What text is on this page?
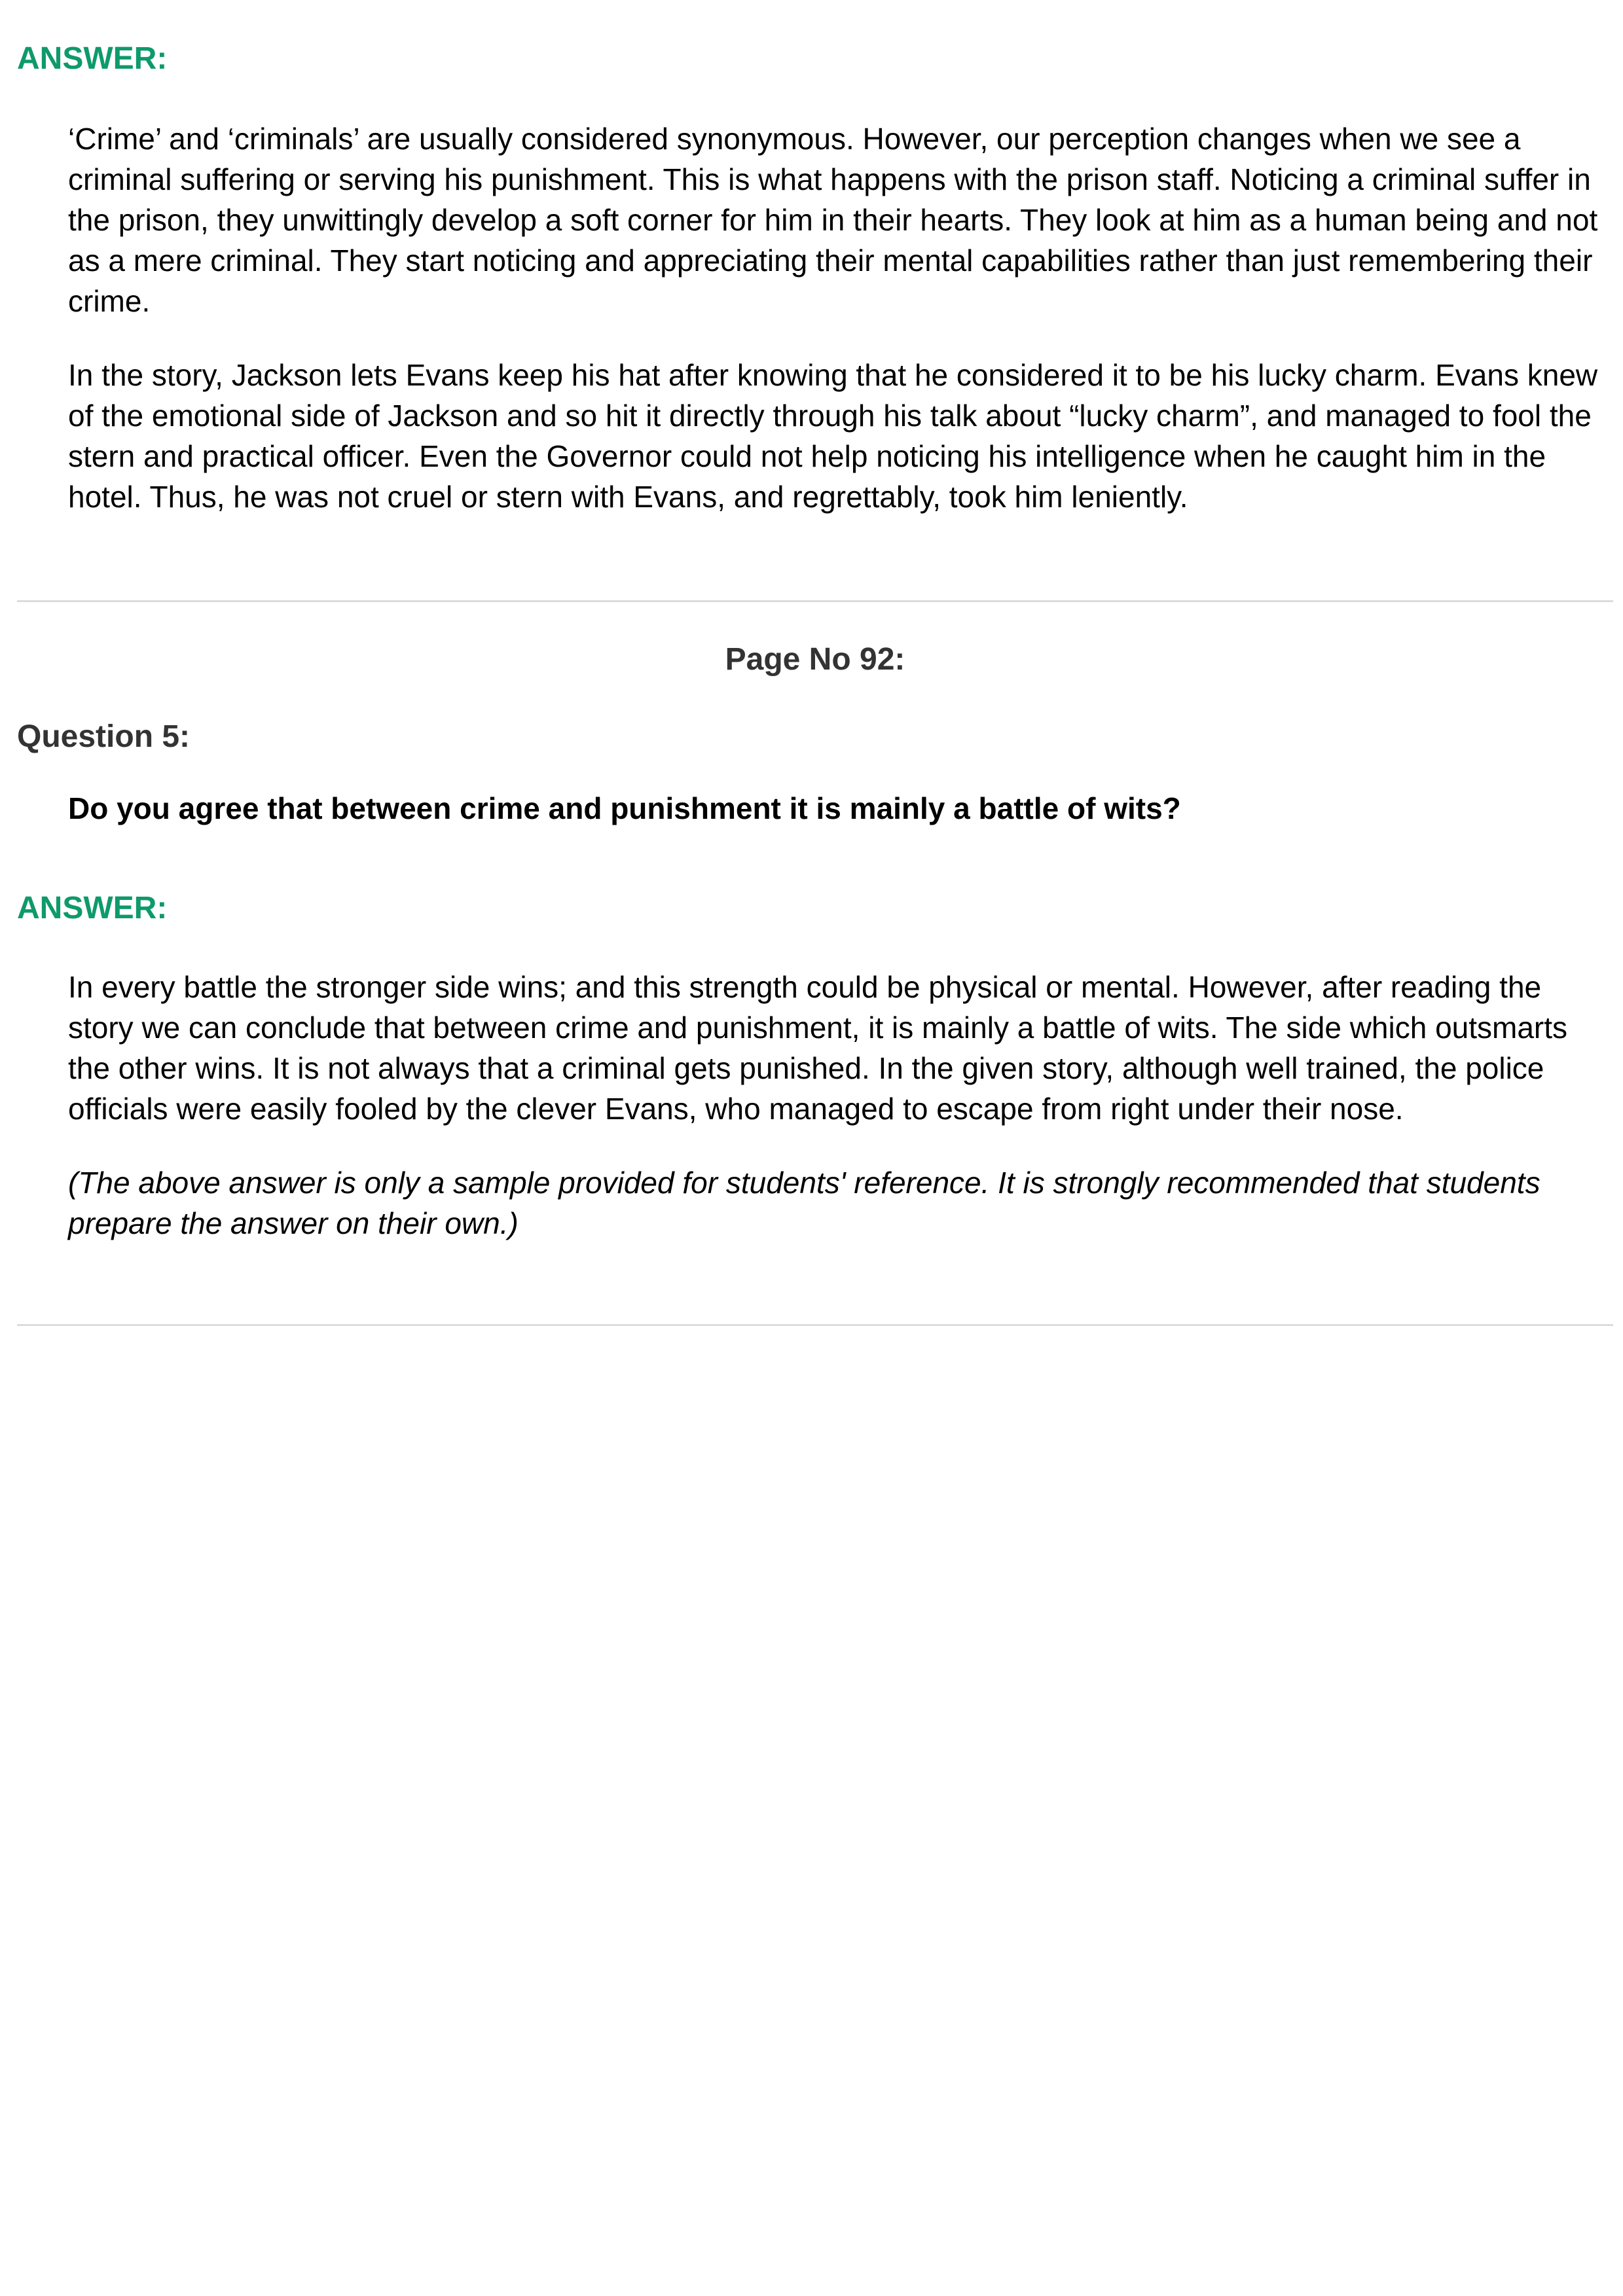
ANSWER:

‘Crime’ and ‘criminals’ are usually considered synonymous. However, our perception changes when we see a criminal suffering or serving his punishment. This is what happens with the prison staff. Noticing a criminal suffer in the prison, they unwittingly develop a soft corner for him in their hearts. They look at him as a human being and not as a mere criminal. They start noticing and appreciating their mental capabilities rather than just remembering their crime.

In the story, Jackson lets Evans keep his hat after knowing that he considered it to be his lucky charm. Evans knew of the emotional side of Jackson and so hit it directly through his talk about “lucky charm”, and managed to fool the stern and practical officer. Even the Governor could not help noticing his intelligence when he caught him in the hotel. Thus, he was not cruel or stern with Evans, and regrettably, took him leniently.

Page No 92:
Question 5:
Do you agree that between crime and punishment it is mainly a battle of wits?
ANSWER:

In every battle the stronger side wins; and this strength could be physical or mental. However, after reading the story we can conclude that between crime and punishment, it is mainly a battle of wits. The side which outsmarts the other wins. It is not always that a criminal gets punished. In the given story, although well trained, the police officials were easily fooled by the clever Evans, who managed to escape from right under their nose.

(The above answer is only a sample provided for students' reference. It is strongly recommended that students prepare the answer on their own.)
